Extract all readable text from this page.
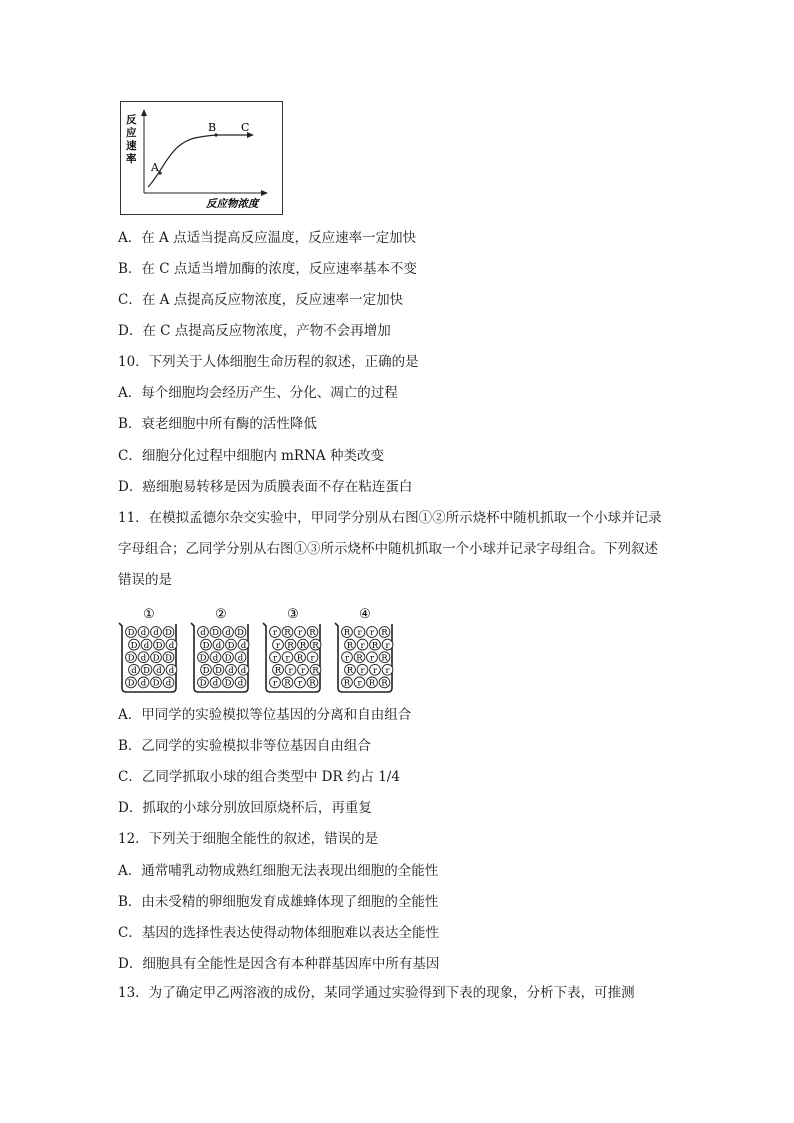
反
应
速
率
A
B C
反应物浓度
A．在 A 点适当提高反应温度，反应速率一定加快
B．在 C 点适当增加酶的浓度，反应速率基本不变
C．在 A 点提高反应物浓度，反应速率一定加快
D．在 C 点提高反应物浓度，产物不会再增加
10．下列关于人体细胞生命历程的叙述，正确的是
A．每个细胞均会经历产生、分化、凋亡的过程
B．衰老细胞中所有酶的活性降低
C．细胞分化过程中细胞内 mRNA 种类改变
D．癌细胞易转移是因为质膜表面不存在粘连蛋白
11．在模拟孟德尔杂交实验中，甲同学分别从右图①②所示烧杯中随机抓取一个小球并记录
字母组合；乙同学分别从右图①③所示烧杯中随机抓取一个小球并记录字母组合。下列叙述
错误的是
①
D d d D
D d D d
D d D D
d D d d
D d D d
②
d D d D
D d D d
D d D d
D D d d
D d D d
③
r R r R
r R R R
r r R r
R r r R
r R r R
④
R r r R
R r R r
r R r R
R r r r
R r R R
A．甲同学的实验模拟等位基因的分离和自由组合
B．乙同学的实验模拟非等位基因自由组合
C．乙同学抓取小球的组合类型中 DR 约占 1/4
D．抓取的小球分别放回原烧杯后，再重复
12．下列关于细胞全能性的叙述，错误的是
A．通常哺乳动物成熟红细胞无法表现出细胞的全能性
B．由未受精的卵细胞发育成雄蜂体现了细胞的全能性
C．基因的选择性表达使得动物体细胞难以表达全能性
D．细胞具有全能性是因含有本种群基因库中所有基因
13．为了确定甲乙两溶液的成份，某同学通过实验得到下表的现象，分析下表，可推测
